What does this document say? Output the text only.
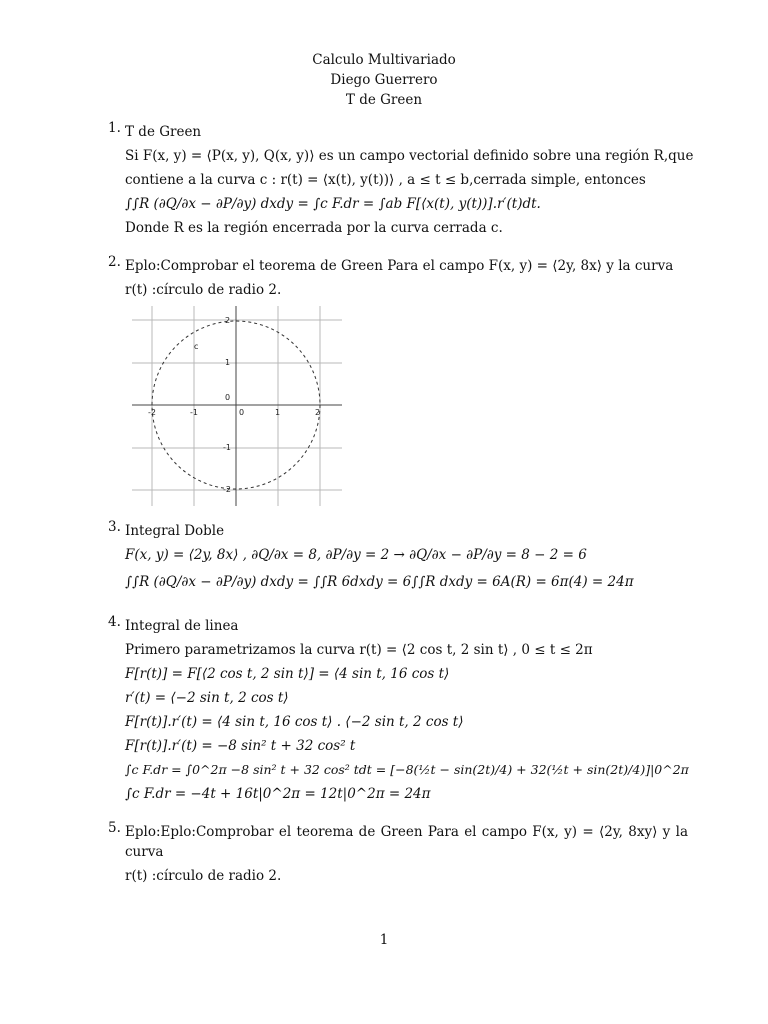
Calculo Multivariado
Diego Guerrero
T de Green
1. T de Green
Si F(x, y) = ⟨P(x, y), Q(x, y)⟩ es un campo vectorial definido sobre una región R,que
contiene a la curva c : r(t) = ⟨x(t), y(t))⟩ , a ≤ t ≤ b,cerrada simple, entonces
∫∫R (∂Q/∂x − ∂P/∂y) dxdy = ∫c F.dr = ∫ab F[⟨x(t), y(t))].r′(t)dt.
Donde R es la región encerrada por la curva cerrada c.
2. Eplo:Comprobar el teorema de Green Para el campo F(x, y) = ⟨2y, 8x⟩ y la curva
r(t) :círculo de radio 2.
-2	-1	0	1	2
2
1
0
-1
-2
c
3. Integral Doble
F(x, y) = ⟨2y, 8x⟩ , ∂Q/∂x = 8, ∂P/∂y = 2 → ∂Q/∂x − ∂P/∂y = 8 − 2 = 6
∫∫R (∂Q/∂x − ∂P/∂y) dxdy = ∫∫R 6dxdy = 6∫∫R dxdy = 6A(R) = 6π(4) = 24π
4. Integral de linea
Primero parametrizamos la curva r(t) = ⟨2 cos t, 2 sin t⟩ , 0 ≤ t ≤ 2π
F[r(t)] = F[⟨2 cos t, 2 sin t⟩] = ⟨4 sin t, 16 cos t⟩
r′(t) = ⟨−2 sin t, 2 cos t⟩
F[r(t)].r′(t) = ⟨4 sin t, 16 cos t⟩ . ⟨−2 sin t, 2 cos t⟩
F[r(t)].r′(t) = −8 sin² t + 32 cos² t
∫c F.dr = ∫0^2π −8 sin² t + 32 cos² tdt = [−8(½t − sin(2t)/4) + 32(½t + sin(2t)/4)]|0^2π
∫c F.dr = −4t + 16t|0^2π = 12t|0^2π = 24π
5. Eplo:Eplo:Comprobar el teorema de Green Para el campo F(x, y) = ⟨2y, 8xy⟩ y la
curva
r(t) :círculo de radio 2.
1
